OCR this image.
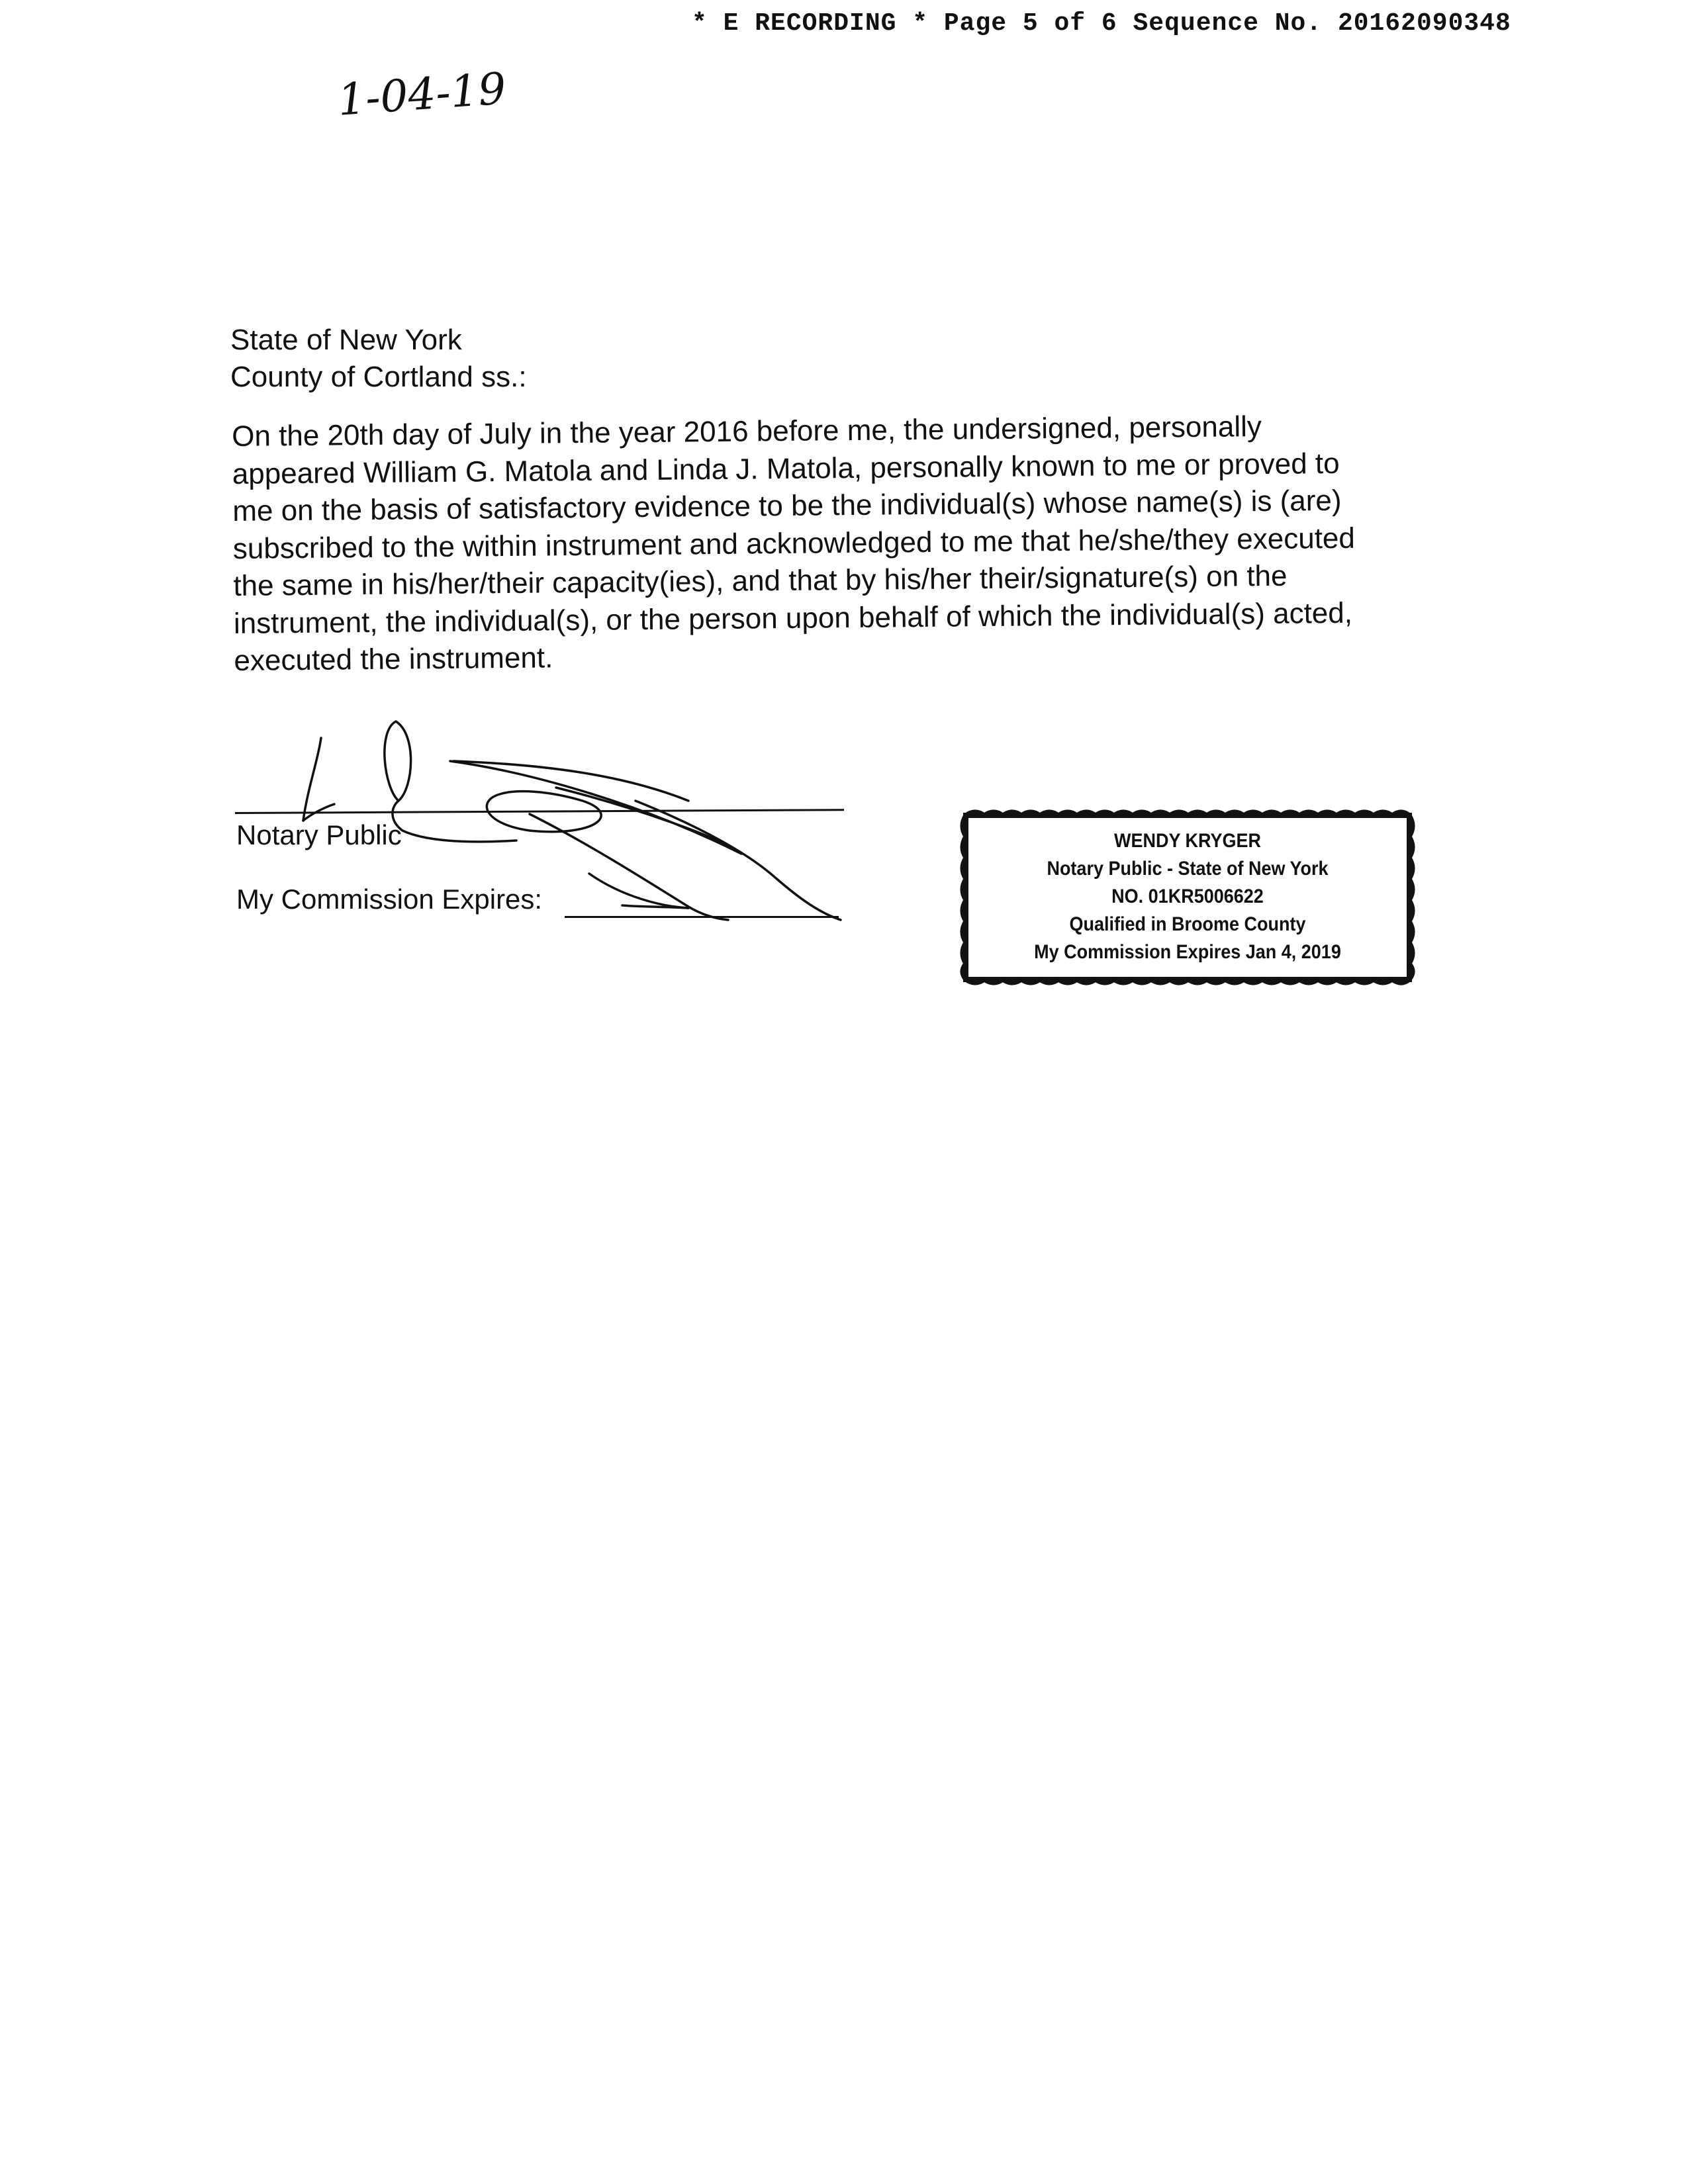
* E RECORDING * Page 5 of 6 Sequence No. 20162090348
State of New York
County of Cortland ss.:
On the 20th day of July in the year 2016 before me, the undersigned, personally
appeared William G. Matola and Linda J. Matola, personally known to me or proved to
me on the basis of satisfactory evidence to be the individual(s) whose name(s) is (are)
subscribed to the within instrument and acknowledged to me that he/she/they executed
the same in his/her/their capacity(ies), and that by his/her their/signature(s) on the
instrument, the individual(s), or the person upon behalf of which the individual(s) acted,
executed the instrument.
Notary Public
My Commission Expires:
1-04-19
WENDY KRYGER
Notary Public - State of New York
NO. 01KR5006622
Qualified in Broome County
My Commission Expires Jan 4, 2019
